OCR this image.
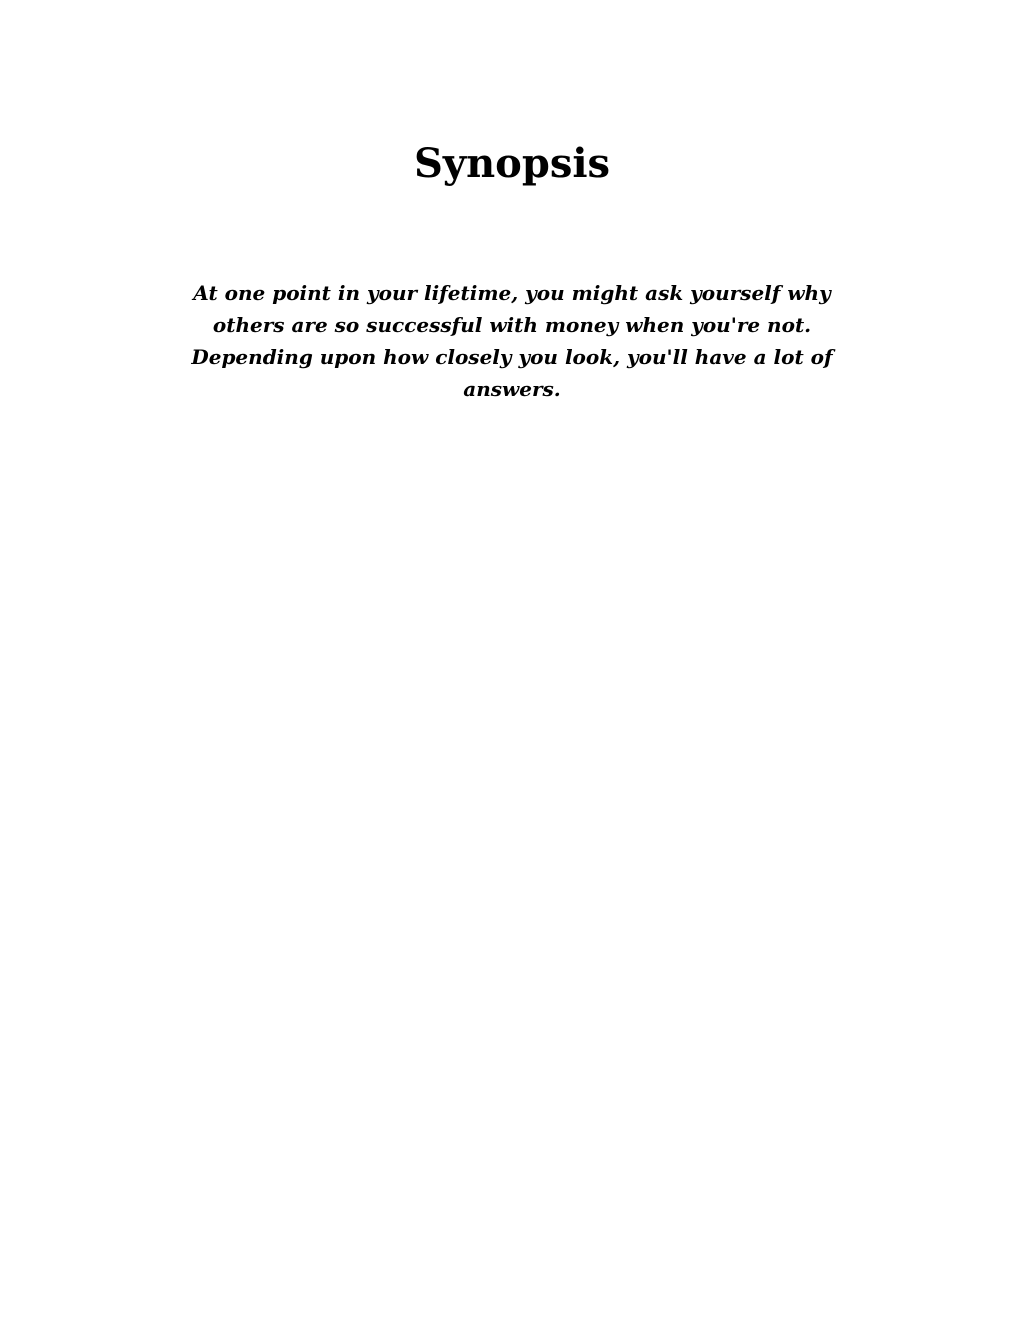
Synopsis

At one point in your lifetime, you might ask yourself why others are so successful with money when you're not. Depending upon how closely you look, you'll have a lot of answers.
